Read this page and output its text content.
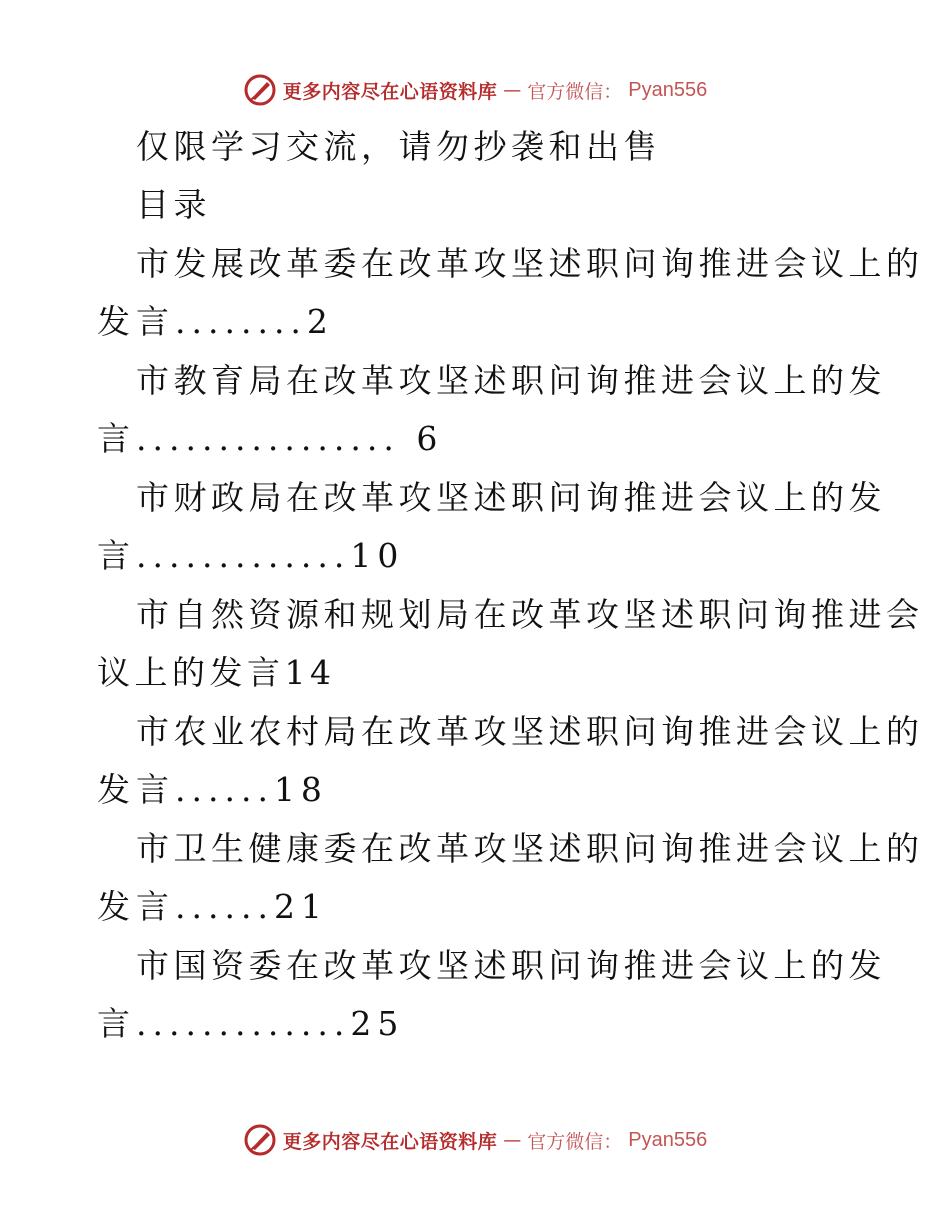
更多内容尽在心语资料库 — 官方微信： Pyan556
仅限学习交流，请勿抄袭和出售
目录
市发展改革委在改革攻坚述职问询推进会议上的
发言........2
市教育局在改革攻坚述职问询推进会议上的发
言................ 6
市财政局在改革攻坚述职问询推进会议上的发
言.............10
市自然资源和规划局在改革攻坚述职问询推进会
议上的发言14
市农业农村局在改革攻坚述职问询推进会议上的
发言......18
市卫生健康委在改革攻坚述职问询推进会议上的
发言......21
市国资委在改革攻坚述职问询推进会议上的发
言.............25
更多内容尽在心语资料库 — 官方微信： Pyan556
